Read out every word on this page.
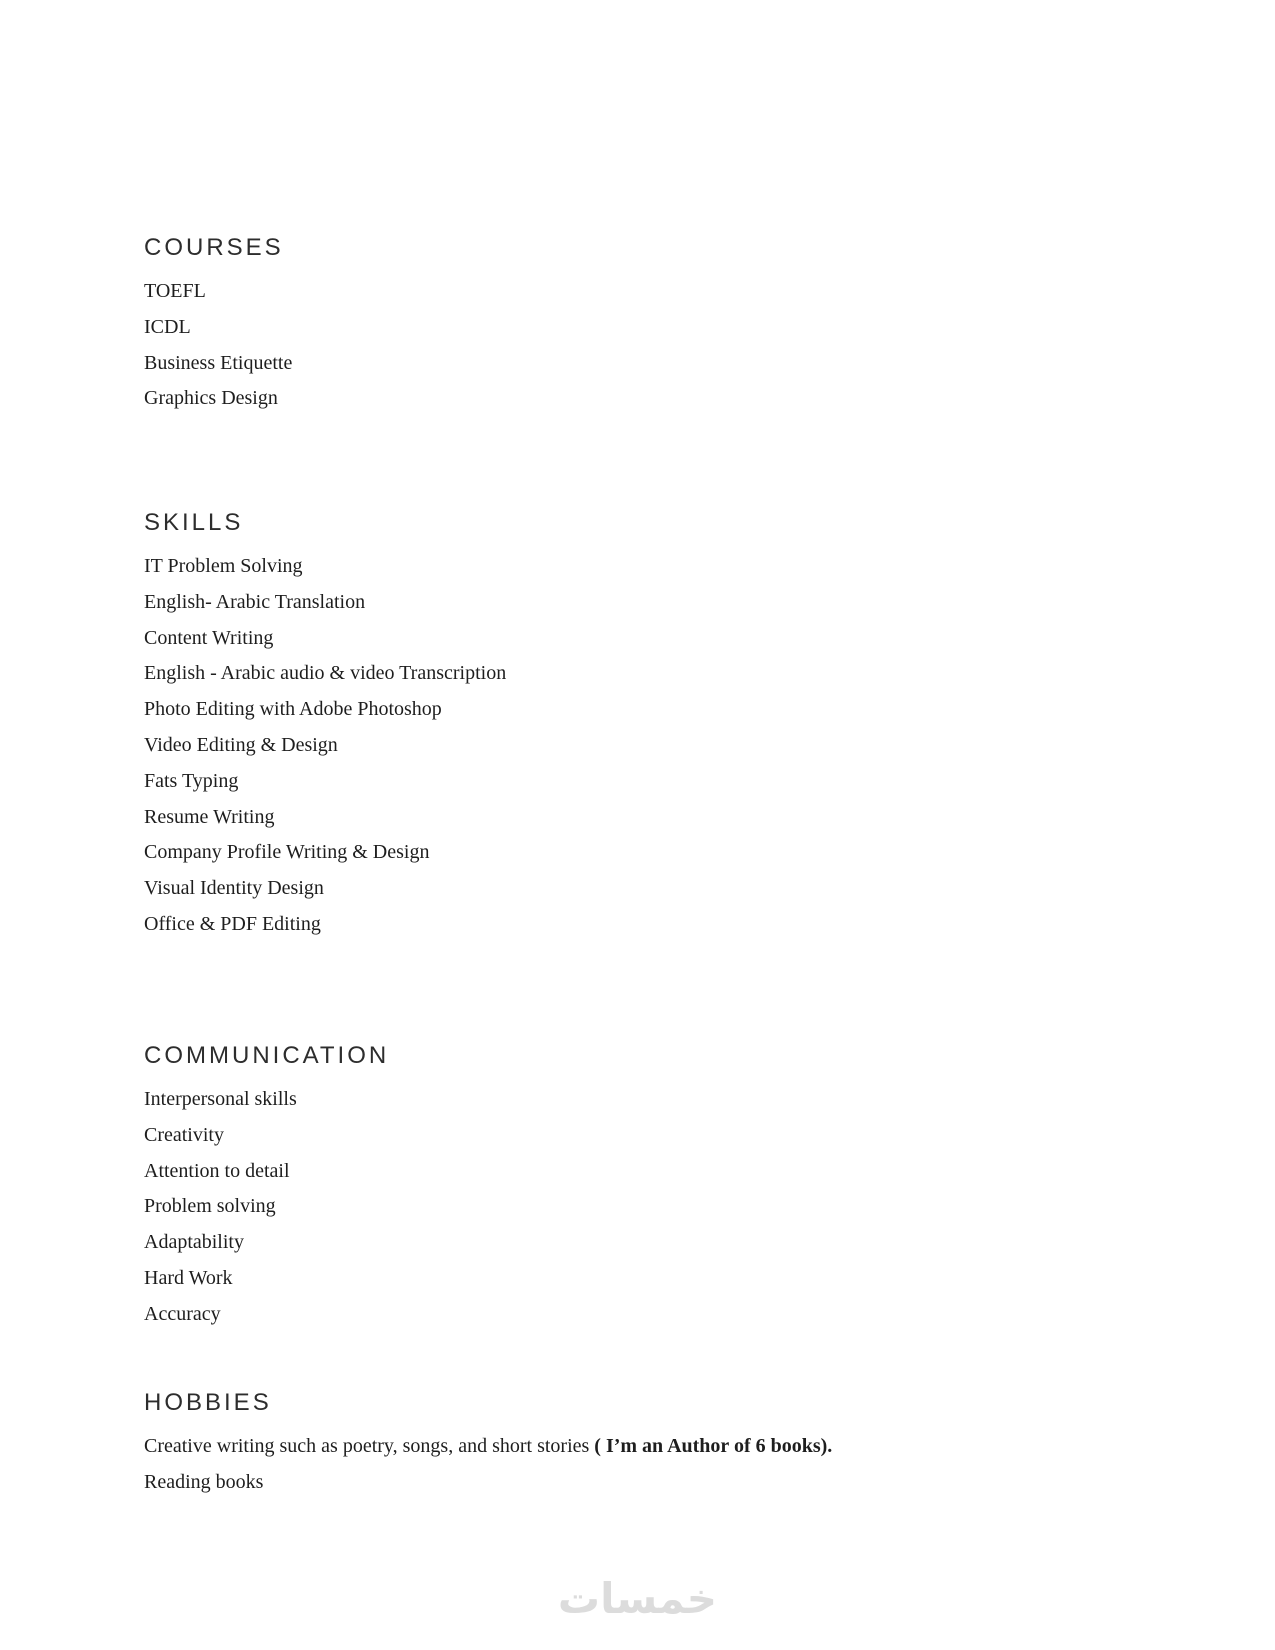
COURSES
TOEFL
ICDL
Business Etiquette
Graphics Design
SKILLS
IT Problem Solving
English- Arabic Translation
Content Writing
English - Arabic audio & video Transcription
Photo Editing with Adobe Photoshop
Video Editing & Design
Fats Typing
Resume Writing
Company Profile Writing & Design
Visual Identity Design
Office & PDF Editing
COMMUNICATION
Interpersonal skills
Creativity
Attention to detail
Problem solving
Adaptability
Hard Work
Accuracy
HOBBIES

Creative writing such as poetry, songs, and short stories ( I’m an Author of 6 books).

Reading books

خمسات
